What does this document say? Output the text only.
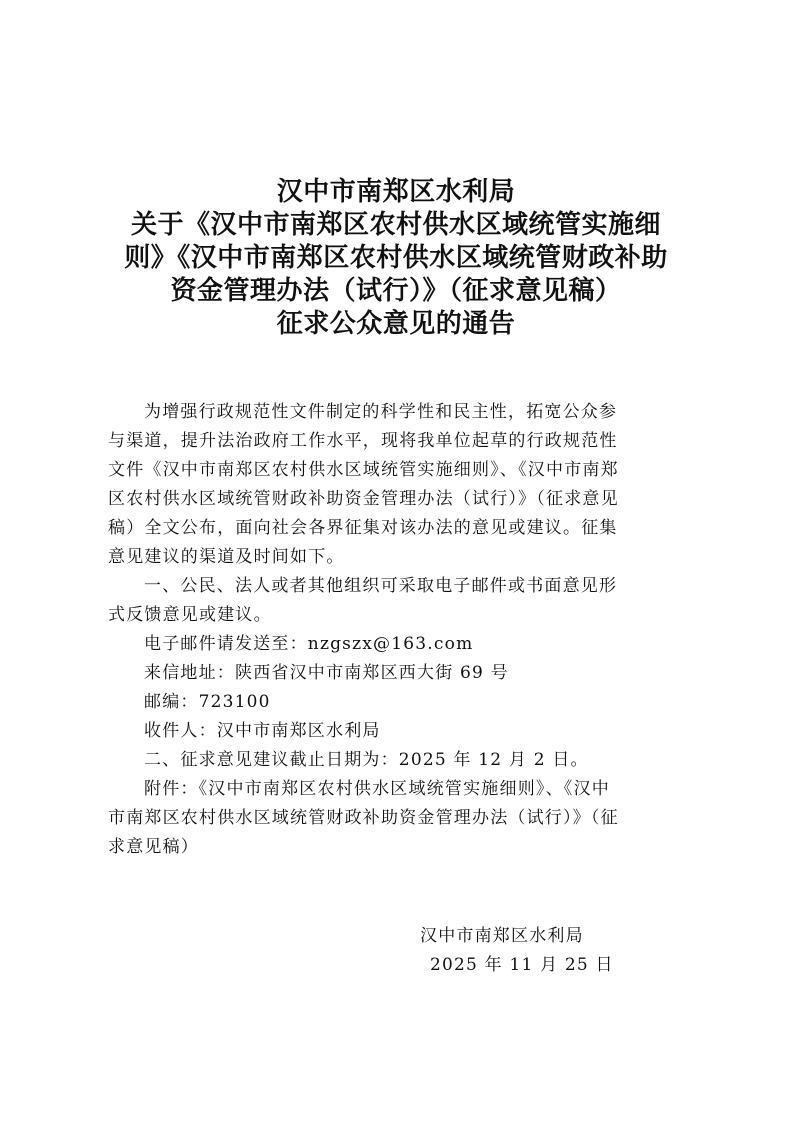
汉中市南郑区水利局
关于《汉中市南郑区农村供水区域统管实施细
则》《汉中市南郑区农村供水区域统管财政补助
资金管理办法（试行）》（征求意见稿）
征求公众意见的通告
为增强行政规范性文件制定的科学性和民主性，拓宽公众参
与渠道，提升法治政府工作水平，现将我单位起草的行政规范性
文件《汉中市南郑区农村供水区域统管实施细则》、《汉中市南郑
区农村供水区域统管财政补助资金管理办法（试行）》（征求意见
稿）全文公布，面向社会各界征集对该办法的意见或建议。征集
意见建议的渠道及时间如下。
一、公民、法人或者其他组织可采取电子邮件或书面意见形
式反馈意见或建议。
电子邮件请发送至：nzgszx@163.com
来信地址：陕西省汉中市南郑区西大街 69 号
邮编：723100
收件人：汉中市南郑区水利局
二、征求意见建议截止日期为：2025 年 12 月 2 日。
附件：《汉中市南郑区农村供水区域统管实施细则》、《汉中
市南郑区农村供水区域统管财政补助资金管理办法（试行）》（征
求意见稿）
汉中市南郑区水利局
2025 年 11 月 25 日
